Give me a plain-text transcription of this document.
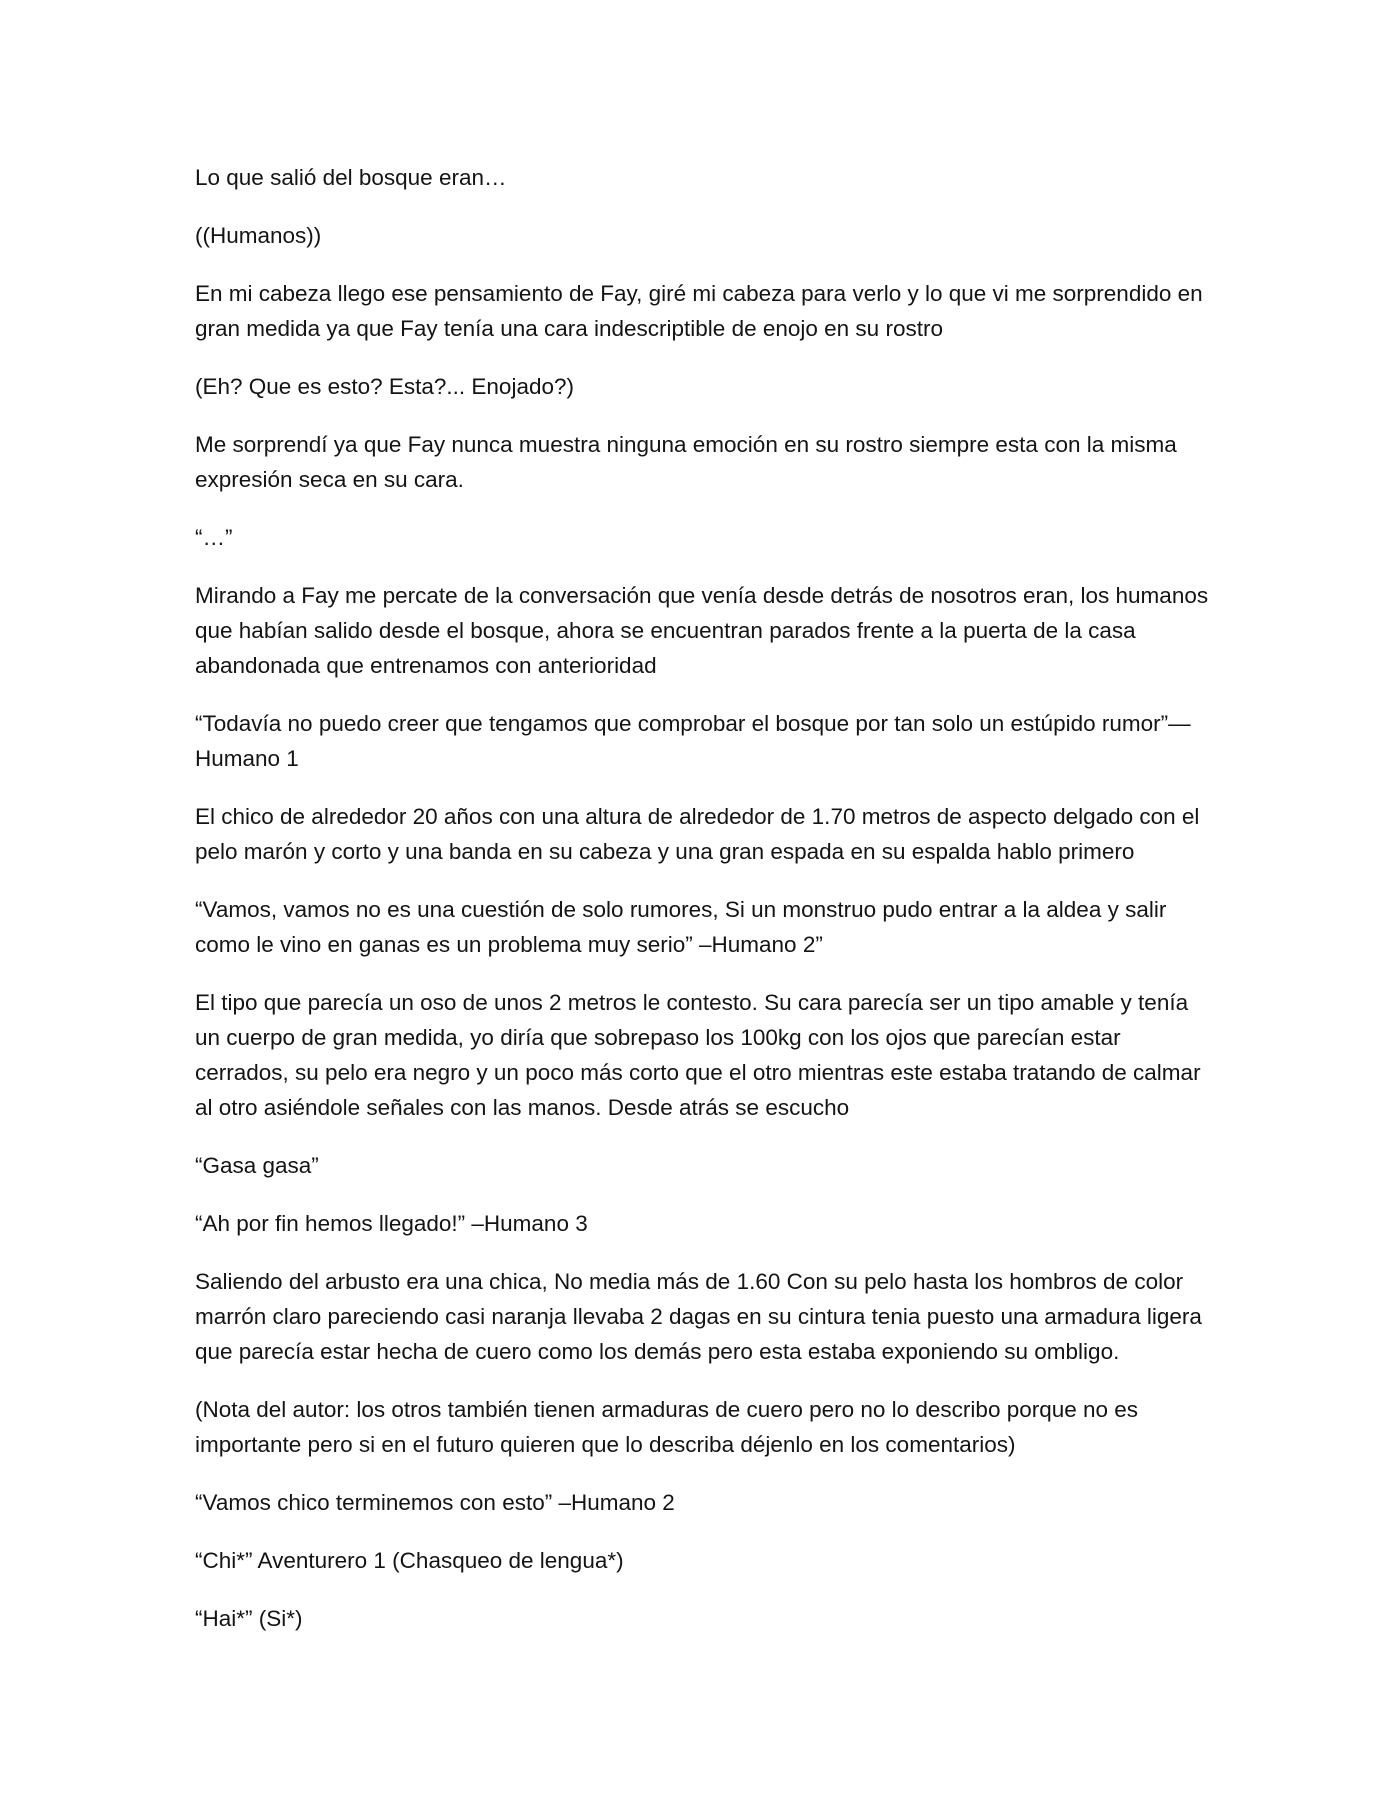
Lo que salió del bosque eran…

((Humanos))

En mi cabeza llego ese pensamiento de Fay, giré mi cabeza para verlo y lo que vi me sorprendido en gran medida ya que Fay tenía una cara indescriptible de enojo en su rostro

(Eh? Que es esto? Esta?... Enojado?)

Me sorprendí ya que Fay nunca muestra ninguna emoción en su rostro siempre esta con la misma expresión seca en su cara.

“…”

Mirando a Fay me percate de la conversación que venía desde detrás de nosotros eran, los humanos que habían salido desde el bosque, ahora se encuentran parados frente a la puerta de la casa abandonada que entrenamos con anterioridad

“Todavía no puedo creer que tengamos que comprobar el bosque por tan solo un estúpido rumor”—Humano 1

El chico de alrededor 20 años con una altura de alrededor de 1.70 metros de aspecto delgado con el pelo marón y corto y una banda en su cabeza y una gran espada en su espalda hablo primero

“Vamos, vamos no es una cuestión de solo rumores, Si un monstruo pudo entrar a la aldea y salir como le vino en ganas es un problema muy serio” –Humano 2”

El tipo que parecía un oso de unos 2 metros le contesto. Su cara parecía ser un tipo amable y tenía un cuerpo de gran medida, yo diría que sobrepaso los 100kg con los ojos que parecían estar cerrados, su pelo era negro y un poco más corto que el otro mientras este estaba tratando de calmar al otro asiéndole señales con las manos. Desde atrás se escucho

“Gasa gasa”

“Ah por fin hemos llegado!” –Humano 3

Saliendo del arbusto era una chica, No media más de 1.60 Con su pelo hasta los hombros de color marrón claro pareciendo casi naranja llevaba 2 dagas en su cintura tenia puesto una armadura ligera que parecía estar hecha de cuero como los demás pero esta estaba exponiendo su ombligo.

(Nota del autor: los otros también tienen armaduras de cuero pero no lo describo porque no es importante pero si en el futuro quieren que lo describa déjenlo en los comentarios)

“Vamos chico terminemos con esto” –Humano 2

“Chi*” Aventurero 1 (Chasqueo de lengua*)

“Hai*” (Si*)
